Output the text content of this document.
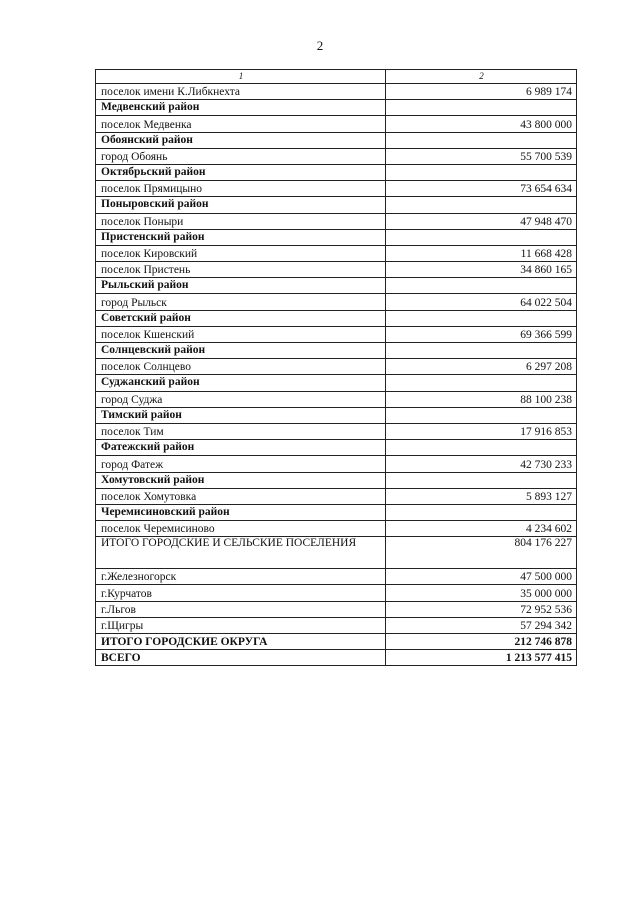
2
1	2
поселок имени К.Либкнехта	6 989 174
Медвенский район	
поселок Медвенка	43 800 000
Обоянский район	
город Обоянь	55 700 539
Октябрьский район	
поселок Прямицыно	73 654 634
Поныровский район	
поселок Поныри	47 948 470
Пристенский район	
поселок Кировский	11 668 428
поселок Пристень	34 860 165
Рыльский район	
город Рыльск	64 022 504
Советский район	
поселок Кшенский	69 366 599
Солнцевский район	
поселок Солнцево	6 297 208
Суджанский район	
город Суджа	88 100 238
Тимский район	
поселок Тим	17 916 853
Фатежский район	
город Фатеж	42 730 233
Хомутовский район	
поселок Хомутовка	5 893 127
Черемисиновский район	
поселок Черемисиново	4 234 602
ИТОГО ГОРОДСКИЕ И СЕЛЬСКИЕ ПОСЕЛЕНИЯ	804 176 227
г.Железногорск	47 500 000
г.Курчатов	35 000 000
г.Льгов	72 952 536
г.Щигры	57 294 342
ИТОГО ГОРОДСКИЕ ОКРУГА	212 746 878
ВСЕГО	1 213 577 415
